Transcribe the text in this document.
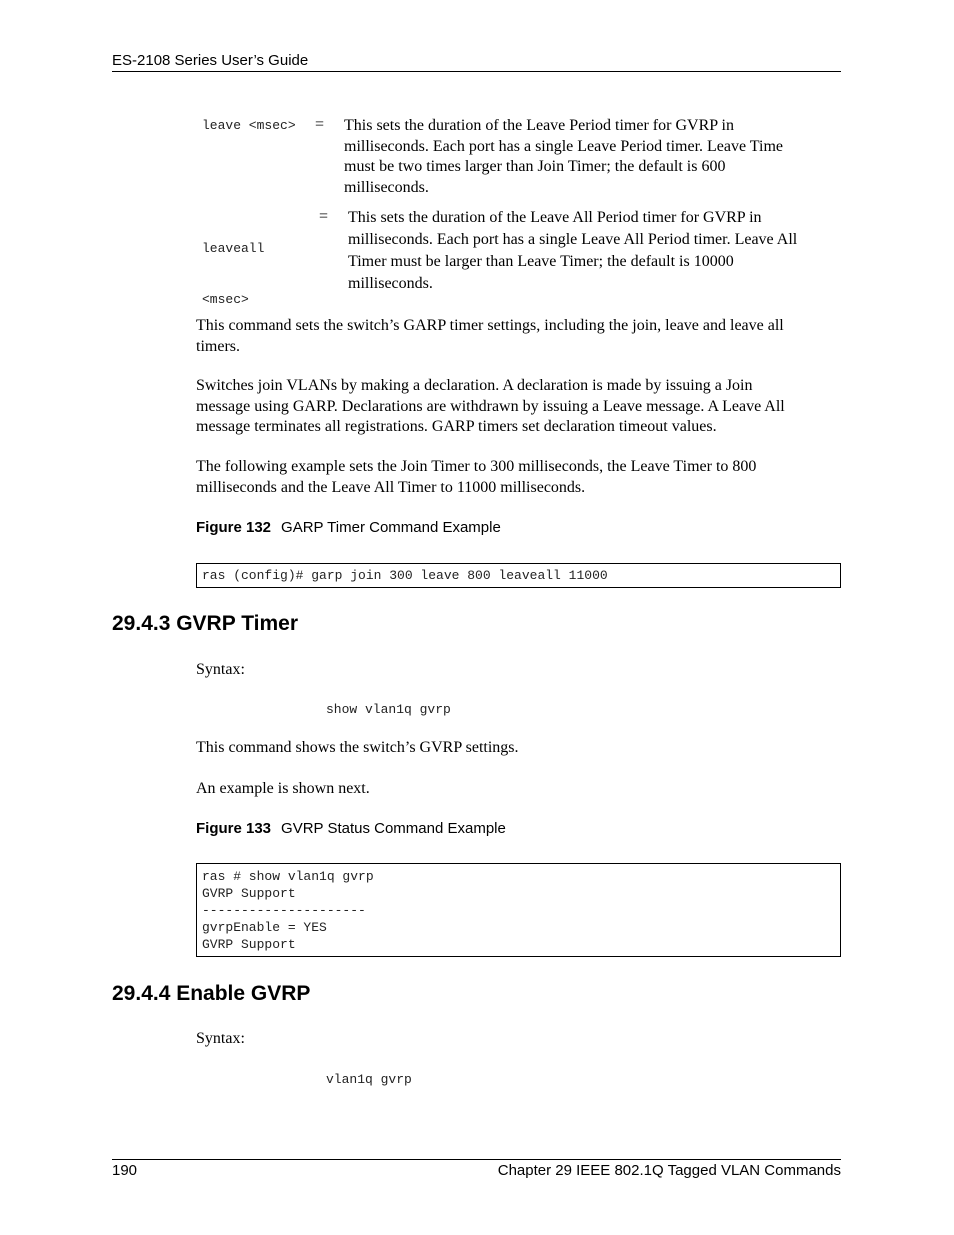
ES-2108 Series User’s Guide
leave <msec> = This sets the duration of the Leave Period timer for GVRP in
milliseconds. Each port has a single Leave Period timer. Leave Time
must be two times larger than Join Timer; the default is 600
milliseconds.

leaveall

<msec>

= This sets the duration of the Leave All Period timer for GVRP in
milliseconds. Each port has a single Leave All Period timer. Leave All
Timer must be larger than Leave Timer; the default is 10000
milliseconds.
This command sets the switch’s GARP timer settings, including the join, leave and leave all
timers.
Switches join VLANs by making a declaration. A declaration is made by issuing a Join
message using GARP. Declarations are withdrawn by issuing a Leave message. A Leave All
message terminates all registrations. GARP timers set declaration timeout values.
The following example sets the Join Timer to 300 milliseconds, the Leave Timer to 800
milliseconds and the Leave All Timer to 11000 milliseconds.
Figure 132 GARP Timer Command Example
ras (config)# garp join 300 leave 800 leaveall 11000
29.4.3 GVRP Timer
Syntax:
show vlan1q gvrp
This command shows the switch’s GVRP settings.
An example is shown next.
Figure 133 GVRP Status Command Example
ras # show vlan1q gvrp
GVRP Support
---------------------
gvrpEnable = YES
GVRP Support
29.4.4 Enable GVRP
Syntax:
vlan1q gvrp
190	Chapter 29 IEEE 802.1Q Tagged VLAN Commands
